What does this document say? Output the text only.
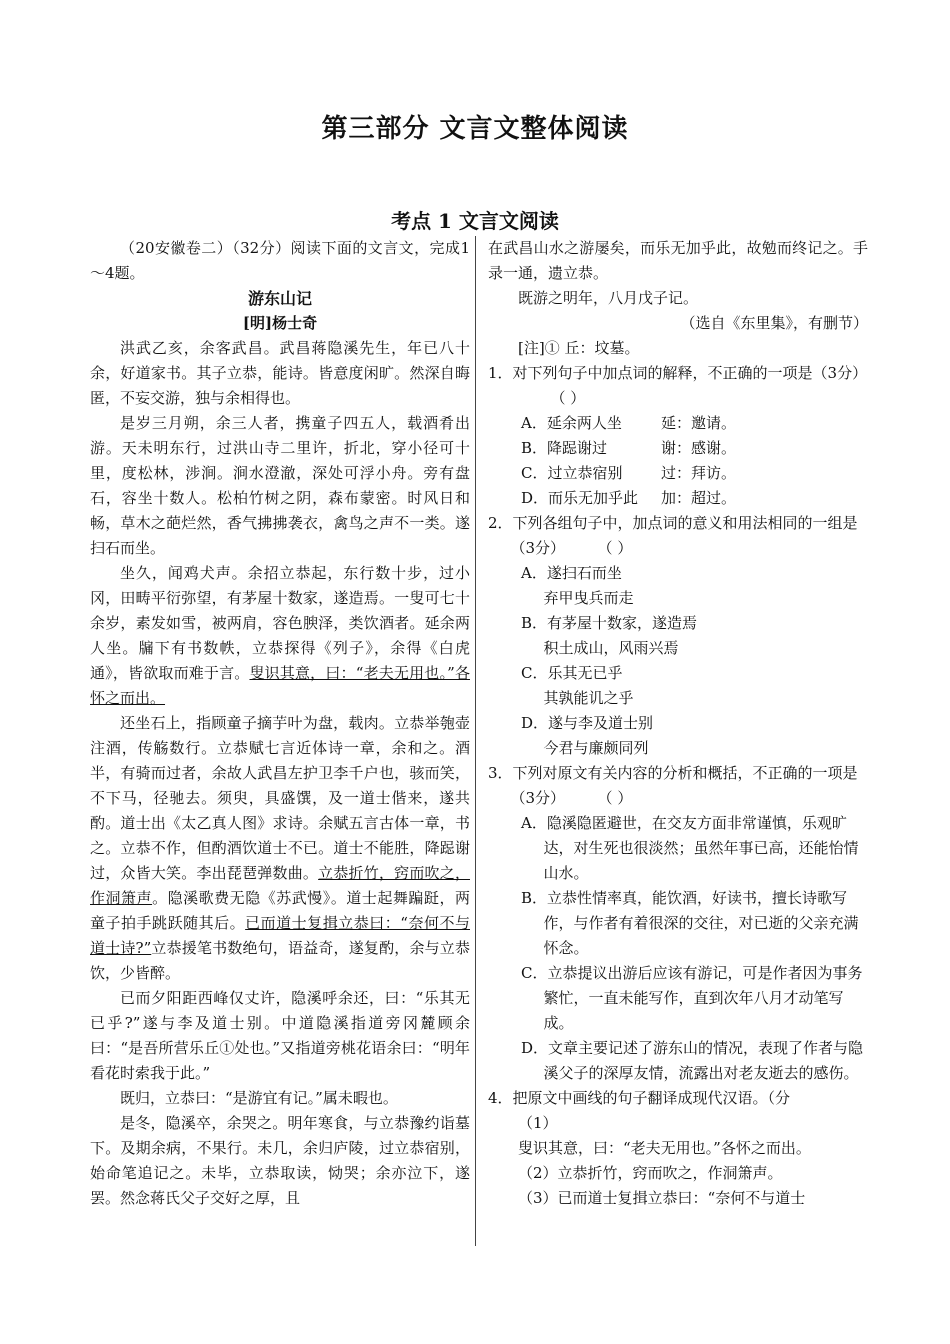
第三部分 文言文整体阅读
考点 1 文言文阅读

（20安徽卷二）（32分）阅读下面的文言文，完成1～4题。

游东山记

[明]杨士奇

洪武乙亥，余客武昌。武昌蒋隐溪先生，年已八十余，好道家书。其子立恭，能诗。皆意度闲旷。然深自晦匿，不妄交游，独与余相得也。

是岁三月朔，余三人者，携童子四五人，载酒肴出游。天未明东行，过洪山寺二里许，折北，穿小径可十里，度松林，涉涧。涧水澄澈，深处可浮小舟。旁有盘石，容坐十数人。松柏竹树之阴，森布蒙密。时风日和畅，草木之葩烂然，香气拂拂袭衣，禽鸟之声不一类。遂扫石而坐。

坐久，闻鸡犬声。余招立恭起，东行数十步，过小冈，田畴平衍弥望，有茅屋十数家，遂造焉。一叟可七十余岁，素发如雪，被两肩，容色腴泽，类饮酒者。延余两人坐。牖下有书数帙，立恭探得《列子》，余得《白虎通》，皆欲取而难于言。叟识其意，曰：“老夫无用也。”各怀之而出。

还坐石上，指顾童子摘芋叶为盘，载肉。立恭举匏壶注酒，传觞数行。立恭赋七言近体诗一章，余和之。酒半，有骑而过者，余故人武昌左护卫李千户也，骇而笑，不下马，径驰去。须臾，具盛馔，及一道士偕来，遂共酌。道士出《太乙真人图》求诗。余赋五言古体一章，书之。立恭不作，但酌酒饮道士不已。道士不能胜，降跽谢过，众皆大笑。李出琵琶弹数曲。立恭折竹，窍而吹之，作洞箫声。隐溪歌费无隐《苏武慢》。道士起舞蹁跹，两童子拍手跳跃随其后。已而道士复揖立恭曰：“奈何不与道士诗?”立恭援笔书数绝句，语益奇，遂复酌，余与立恭饮，少皆醉。

已而夕阳距西峰仅丈许，隐溪呼余还，曰：“乐其无已乎?”遂与李及道士别。中道隐溪指道旁冈麓顾余曰：“是吾所营乐丘①处也。”又指道旁桃花语余曰：“明年看花时索我于此。”

既归，立恭曰：“是游宜有记。”属未暇也。

是冬，隐溪卒，余哭之。明年寒食，与立恭豫约诣墓下。及期余病，不果行。未几，余归庐陵，过立恭宿别，始命笔追记之。未毕，立恭取读，恸哭；余亦泣下，遂罢。然念蒋氏父子交好之厚，且

在武昌山水之游屡矣，而乐无加乎此，故勉而终记之。手录一通，遗立恭。

既游之明年，八月戊子记。

（选自《东里集》，有删节）

[注]① 丘：坟墓。

1．对下列句子中加点词的解释，不正确的一项是（3分）（ ）

A．延余两人坐	延：邀请。

B．降跽谢过	谢：感谢。

C．过立恭宿别	过：拜访。

D．而乐无加乎此	加：超过。

2．下列各组句子中，加点词的意义和用法相同的一组是（3分）	（ ）

A．遂扫石而坐

弃甲曳兵而走

B．有茅屋十数家，遂造焉

积土成山，风雨兴焉

C．乐其无已乎

其孰能讥之乎

D．遂与李及道士别

今君与廉颇同列

3．下列对原文有关内容的分析和概括，不正确的一项是（3分）	（ ）

A．隐溪隐匿避世，在交友方面非常谨慎，乐观旷达，对生死也很淡然；虽然年事已高，还能怡情山水。

B．立恭性情率真，能饮酒，好读书，擅长诗歌写作，与作者有着很深的交往，对已逝的父亲充满怀念。

C．立恭提议出游后应该有游记，可是作者因为事务繁忙，一直未能写作，直到次年八月才动笔写成。

D．文章主要记述了游东山的情况，表现了作者与隐溪父子的深厚友情，流露出对老友逝去的感伤。

4．把原文中画线的句子翻译成现代汉语。（分

（1）

叟识其意，曰：“老夫无用也。”各怀之而出。

（2）立恭折竹，窍而吹之，作洞箫声。

（3）已而道士复揖立恭曰：“奈何不与道士
